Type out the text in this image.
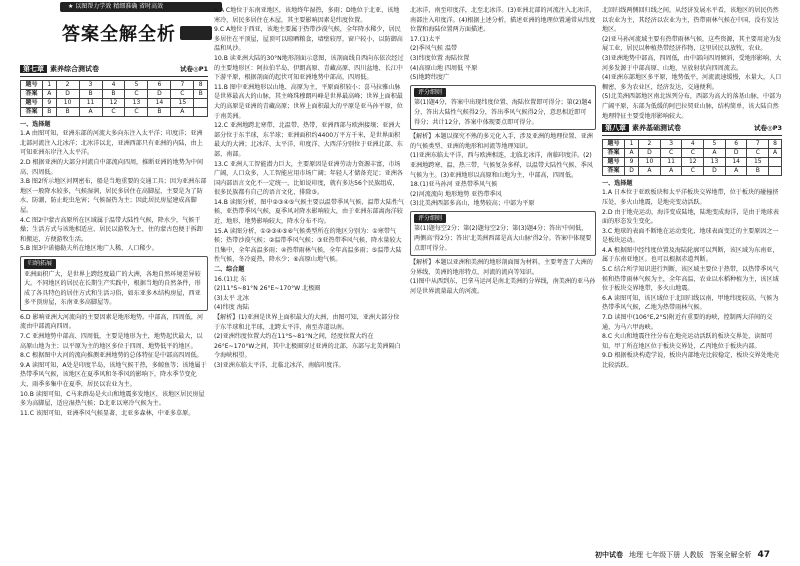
★ 以图帮力学效 精细准确 省时高效
答案全解全析
第七章 素养综合测试卷	试卷◎P1
题号	1	2	3	4	5	6	7	8
答案	A	D	B	B	C	D	C	B
题号	9	10	11	12	13	14	15	
答案	B	B	A	C	C	B	A	

一、选择题

1.A 由图可知，亚洲东部的河流大多向东注入太平洋；印度洋；亚洲北部河流注入北冰洋；北冰洋以北，亚洲西部只有亚洲的内陆，由上可知亚洲东岸注入太平洋。

2.D 根据亚洲的大部分河流自中部流向四周，推断亚洲的地势为中间高、四周低。

3.B 图2所示地区河网密布，船是当地重要的交通工具；因为亚洲东部地区一般降水较多，气候湿润，居民多居住在高脚屋，主要是为了防水、防潮，防止蛇虫危害；气候湿热为主；因此居民房屋建成高脚屋。

4.C 图2中蒙古高原所在区域属于温带大陆性气候，降水少，气候干燥；生活方式与该地相适应，居民以游牧为主，住的蒙古包便于拆卸和搬运，方便游牧生活。

5.B 图3中诺德勒夫所在地区地广人稀，人口稀少。

归纳拓展

亚洲面积广大，是世界上跨经度最广的大洲，各地自然环境差异较大。不同地区的居民在长期生产实践中，根据当地的自然条件，形成了各具特色的居住方式和生活习俗，如东亚多木结构房屋，西亚多平顶房屋，东南亚多高脚屋等。

6.D 影响亚洲大河流向的主要因素是地形地势。中部高，四周低，河流由中部流向四周。

7.C 亚洲地势中部高、四周低，主要是地形为主，地势起伏最大，以高原山地为主；以平原为主的地区多位于四周、地势低平的地区。

8.C 根据图中大河的流向推测亚洲地势的总体特征是中部高四周低。

9.A 读图可知，A处是印度半岛，该地气候干热，多鲸鱼等；该地属于热带季风气候，该地区在夏季风和冬季风的影响下，降水季节变化大，雨季多集中在夏季，居民以农业为主。

10.B 读图可知，C马来群岛是火山和地震多发地区，该地区居民房屋多为高脚屋，适应湿热气候；D北亚以寒冷气候为主。

11.C 该图可知，亚洲季风气候显著，北亚多森林，中亚多草原。

8.A C地位于东南亚地区，该地终年湿热，多雨；D地位于北亚，该地寒冷，居民多居住在木屋，其主要影响因素是纬度位置。

9.C A地位于西亚，该地主要属于热带沙漠气候，全年降水稀少，居民多居住在平顶屋，屋顶可以晾晒粮食，墙壁较厚，窗户较小，以防御高温和风沙。

10.B 读亚洲大陆的30°N地形剖面示意图，该剖面线自西向东依次经过的主要地形区：阿拉伯半岛、伊朗高原、青藏高原、四川盆地、长江中下游平原，根据剖面的起伏可知亚洲地势中部高，四周低。

11.B 图中亚洲地形以山地、高原为主，平原面积较小；喜马拉雅山脉是世界最高大的山脉，其主峰珠穆朗玛峰是世界最高峰；世界上面积最大的高原是亚洲的青藏高原；世界上面积最大的平原是亚马孙平原，位于南美洲。

12.C 亚洲地跨北寒带、北温带、热带，亚洲西部与欧洲接壤；亚洲大部分位于东半球，东半球；亚洲面积约4400万平方千米，是世界面积最大的大洲；北冰洋、太平洋、印度洋、大西洋分别位于亚洲北部、东部、南部。

13.C 亚洲人工智能潜力巨大，主要原因是亚洲劳动力资源丰富，市场广阔，人口众多，人工智能应用市场广阔；年轻人才储备充足；亚洲各国内部语言文化不一定统一，比如说印度，就有多达56个民族组成，很多民族都有自己的语言文化，排除③。

14.B 读图分析，图中②③④⑤气候主要以温带季风气候、温带大陆性气候、亚热带季风气候，夏季风对降水影响较大，由于亚洲东部离海洋较近，地形、地势影响较大，降水分布不均。

15.A 读图分析，①②③④⑤⑥气候类型所在的地区分别为：①寒带气候；热带沙漠气候；②温带季风气候；③亚热带季风气候，降水量较大且集中，全年高温多雨；④热带雨林气候，全年高温多雨；⑤温带大陆性气候，冬冷夏热，降水少；⑥高原山地气候。

二、综合题

16.(1)北 东

(2)11°S~81°N 26°E~170°W 北极圈

(3)太平 北冰

(4)纬度 海陆

【解析】(1)亚洲是世界上面积最大的大洲，由图可知，亚洲大部分位于东半球和北半球，北跨太平洋，南至赤道以南。

(2)亚洲纬度位置大约在11°S~81°N之间，经度位置大约在26°E~170°W之间，其中北极圈穿过亚洲的北部，东部与北美洲隔白令海峡相望。

(3)亚洲东临太平洋，北临北冰洋，南临印度洋。

北冰洋，南至印度洋，北至北冰洋。(3)亚洲北部的河流注入北冰洋，南部注入印度洋。(4)根据上述分析，描述亚洲的地理位置通常从纬度位置和海陆位置两方面描述。

17.(1)太平

(2)季风气候 温带

(3)纬度位置 海陆位置

(4)高原山地 四周低 平原

(5)地跨纬度广

评分细则

第(1)题4分，答案中出现纬度位置、海陆位置即可得分；第(2)题4分，答出大陆性气候得2分，答出季风气候得2分，意思相近即可得分；共计12分，答案中体现要点即可得分。

【解析】本题以探究不熟的多元化入手，涉及亚洲的地理位置、亚洲的气候类型、亚洲的地形和河流等地理知识。

(1)亚洲东临太平洋，西与欧洲相连，北临北冰洋，南临印度洋。(2)亚洲地跨寒、温、热三带，气候复杂多样，以温带大陆性气候、季风气候为主。(3)亚洲地形以高原和山地为主，中部高，四周低。

18.(1)亚马孙河 亚热带季风气候

(2)河流流向 地形地势 亚热带季风

(3)北美洲西部多高山，地势较高；中部为平原

评分细则

第(1)题每空2分；第(2)题每空2分；第(3)题4分；答出'中间低，两侧高'得2分；答出'北美洲西部是高大山脉'得2分。答案中体现要点即可得分。

【解析】本题以亚洲和美洲的地形剖面图为材料，主要考查了大洲的分界线、美洲的地形特点、河流的流向等知识。

(1)图中从西到东，巴拿马运河是南北美洲的分界线，南美洲的亚马孙河是世界流量最大的河流。

北回归线两侧回归线之间，从经济发展水平看，该地区的居民仍然以农业为主，其经济以农业为主，热带雨林气候在中国，没有发达地区。

(2)亚马孙河流域主要有热带雨林气候，这些资源，其主要用途为发展工业，居民以种植热带经济作物，这里居民以放牧，农业。

(3)亚洲地势中部高，四周低，由中部向四周倾斜，受地形影响，大河多发源于中部高原、山地，呈放射状向四周流去。

(4)亚洲东部地区多平原，地势低平，河流流速缓慢，水量大，人口稠密，多为农业区，经济发达，交通便利。

(5)北美洲西部地区南北纵列分布，西部为高大的落基山脉，中部为广阔平原，东部为低缓的阿巴拉契亚山脉，结构简单，该大陆自然地理特征主要受地形影响较大。

第八章 素养基础测试卷	试卷◎P3
题号	1	2	3	4	5	6	7	8
答案	A	D	C	C	A	D	C	A
题号	9	10	11	12	13	14	15	
答案	D	A	A	C	D	A	B	

一、选择题

1.A 日本位于亚欧板块和太平洋板块交界地带，位于板块的碰撞挤压处，多火山地震，是地壳变动活跃。

2.D 由于地壳运动，海洋变成陆地，陆地变成海洋，是由于地球表面的形态发生变化。

3.C 地球的表面不断地在运动变化，地球表面变迁的主要原因之一是板块运动。

4.A 根据图中经纬度位置及海陆轮廓可以判断，该区域为东南亚，属于东南亚地区。也可以根据赤道判断。

5.C 结合所学知识进行判断，该区域主要位于热带，以热带季风气候和热带雨林气候为主，全年高温，农业以水稻种植为主，该区域位于板块交界地带，多火山地震。

6.A 读图可知，该区域位于北回归线以南，甲地纬度较高，气候为热带季风气候，乙地为热带雨林气候。

7.D 读图中(106°E,2°S)附近有重要的海峡，控制两大洋间的交通，为马六甲海峡。

8.C 火山和地震往往分布在地壳运动活跃的板块交界处，读图可知，甲丁所在地区位于板块交界处，乙丙地位于板块内部。

9.D 根据板块构造学说，板块内部地壳比较稳定，板块交界处地壳比较活跃。

初中试卷 地理 七年级下册 人教版 答案全解全析 47
